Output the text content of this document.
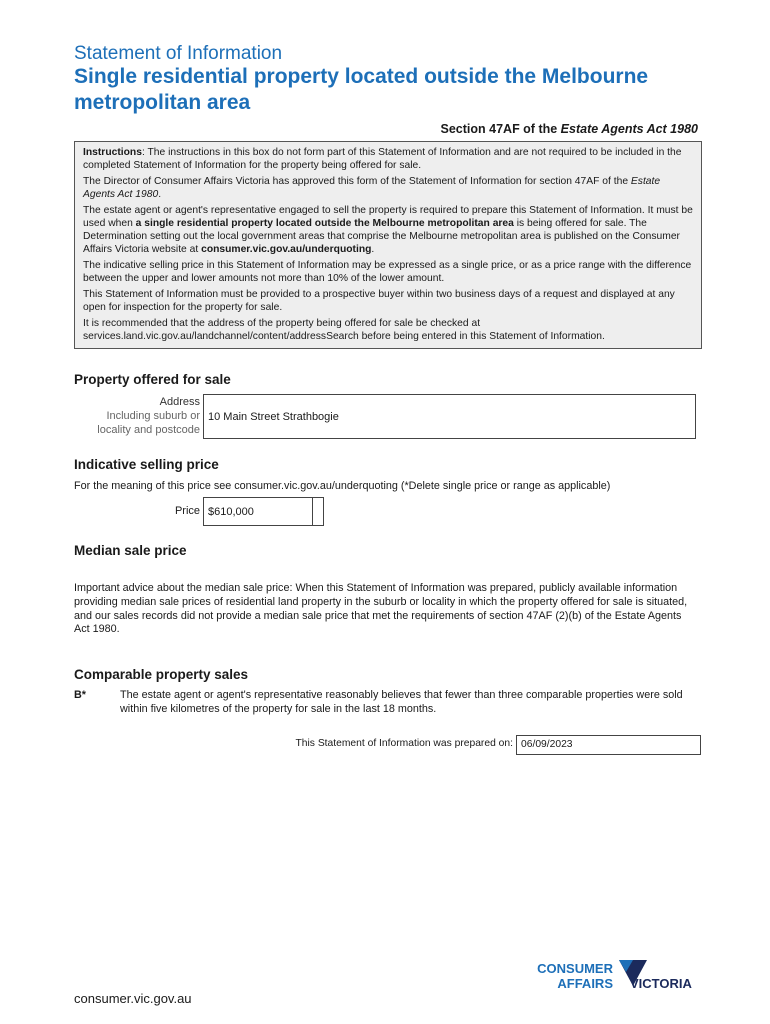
Statement of Information
Single residential property located outside the Melbourne metropolitan area
Section 47AF of the Estate Agents Act 1980

Instructions: The instructions in this box do not form part of this Statement of Information and are not required to be included in the completed Statement of Information for the property being offered for sale.

The Director of Consumer Affairs Victoria has approved this form of the Statement of Information for section 47AF of the Estate Agents Act 1980.

The estate agent or agent's representative engaged to sell the property is required to prepare this Statement of Information. It must be used when a single residential property located outside the Melbourne metropolitan area is being offered for sale. The Determination setting out the local government areas that comprise the Melbourne metropolitan area is published on the Consumer Affairs Victoria website at consumer.vic.gov.au/underquoting.

The indicative selling price in this Statement of Information may be expressed as a single price, or as a price range with the difference between the upper and lower amounts not more than 10% of the lower amount.

This Statement of Information must be provided to a prospective buyer within two business days of a request and displayed at any open for inspection for the property for sale.

It is recommended that the address of the property being offered for sale be checked at services.land.vic.gov.au/landchannel/content/addressSearch before being entered in this Statement of Information.

Property offered for sale
Address
Including suburb or
locality and postcode
10 Main Street Strathbogie
Indicative selling price
For the meaning of this price see consumer.vic.gov.au/underquoting (*Delete single price or range as applicable)
Price $610,000
Median sale price
Important advice about the median sale price: When this Statement of Information was prepared, publicly available information providing median sale prices of residential land property in the suburb or locality in which the property offered for sale is situated, and our sales records did not provide a median sale price that met the requirements of section 47AF (2)(b) of the Estate Agents Act 1980.
Comparable property sales
B*	The estate agent or agent's representative reasonably believes that fewer than three comparable properties were sold within five kilometres of the property for sale in the last 18 months.
This Statement of Information was prepared on: 06/09/2023
consumer.vic.gov.au
CONSUMER
AFFAIRS VICTORIA
